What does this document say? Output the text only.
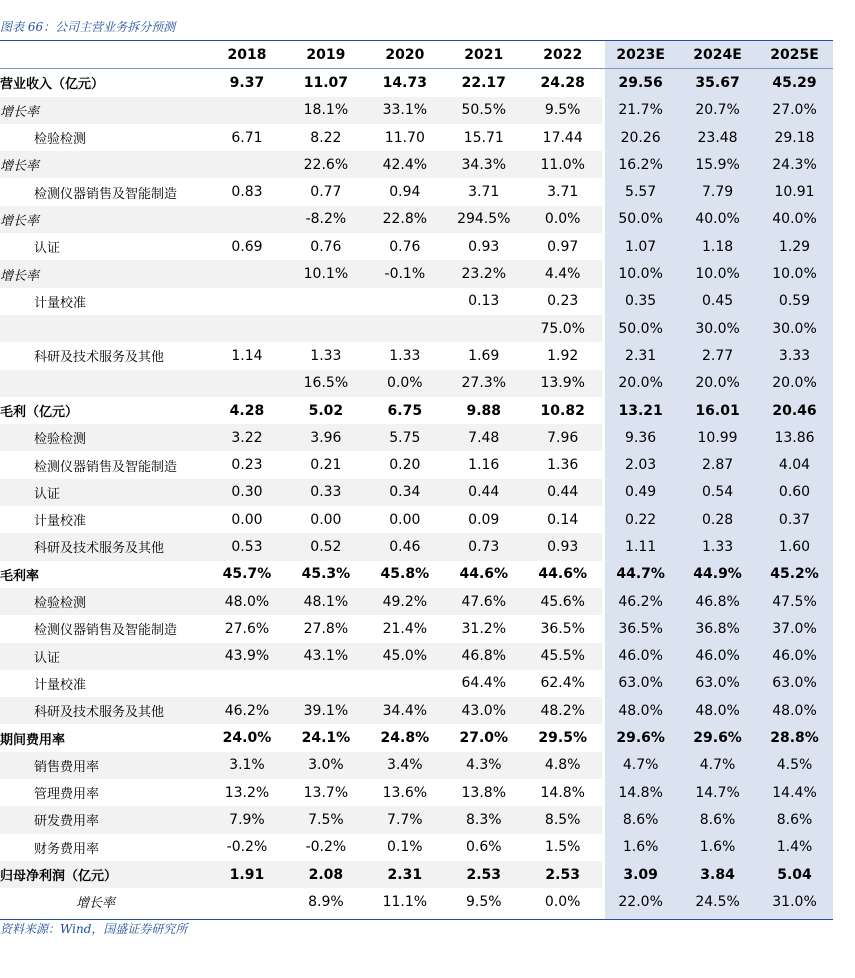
图表 66：公司主营业务拆分预测
	2018	2019	2020	2021	2022	2023E	2024E	2025E
营业收入（亿元）	9.37	11.07	14.73	22.17	24.28	29.56	35.67	45.29
增长率		18.1%	33.1%	50.5%	9.5%	21.7%	20.7%	27.0%
检验检测	6.71	8.22	11.70	15.71	17.44	20.26	23.48	29.18
增长率		22.6%	42.4%	34.3%	11.0%	16.2%	15.9%	24.3%
检测仪器销售及智能制造	0.83	0.77	0.94	3.71	3.71	5.57	7.79	10.91
增长率		-8.2%	22.8%	294.5%	0.0%	50.0%	40.0%	40.0%
认证	0.69	0.76	0.76	0.93	0.97	1.07	1.18	1.29
增长率		10.1%	-0.1%	23.2%	4.4%	10.0%	10.0%	10.0%
计量校准				0.13	0.23	0.35	0.45	0.59
					75.0%	50.0%	30.0%	30.0%
科研及技术服务及其他	1.14	1.33	1.33	1.69	1.92	2.31	2.77	3.33
		16.5%	0.0%	27.3%	13.9%	20.0%	20.0%	20.0%
毛利（亿元）	4.28	5.02	6.75	9.88	10.82	13.21	16.01	20.46
检验检测	3.22	3.96	5.75	7.48	7.96	9.36	10.99	13.86
检测仪器销售及智能制造	0.23	0.21	0.20	1.16	1.36	2.03	2.87	4.04
认证	0.30	0.33	0.34	0.44	0.44	0.49	0.54	0.60
计量校准	0.00	0.00	0.00	0.09	0.14	0.22	0.28	0.37
科研及技术服务及其他	0.53	0.52	0.46	0.73	0.93	1.11	1.33	1.60
毛利率	45.7%	45.3%	45.8%	44.6%	44.6%	44.7%	44.9%	45.2%
检验检测	48.0%	48.1%	49.2%	47.6%	45.6%	46.2%	46.8%	47.5%
检测仪器销售及智能制造	27.6%	27.8%	21.4%	31.2%	36.5%	36.5%	36.8%	37.0%
认证	43.9%	43.1%	45.0%	46.8%	45.5%	46.0%	46.0%	46.0%
计量校准				64.4%	62.4%	63.0%	63.0%	63.0%
科研及技术服务及其他	46.2%	39.1%	34.4%	43.0%	48.2%	48.0%	48.0%	48.0%
期间费用率	24.0%	24.1%	24.8%	27.0%	29.5%	29.6%	29.6%	28.8%
销售费用率	3.1%	3.0%	3.4%	4.3%	4.8%	4.7%	4.7%	4.5%
管理费用率	13.2%	13.7%	13.6%	13.8%	14.8%	14.8%	14.7%	14.4%
研发费用率	7.9%	7.5%	7.7%	8.3%	8.5%	8.6%	8.6%	8.6%
财务费用率	-0.2%	-0.2%	0.1%	0.6%	1.5%	1.6%	1.6%	1.4%
归母净利润（亿元）	1.91	2.08	2.31	2.53	2.53	3.09	3.84	5.04
增长率		8.9%	11.1%	9.5%	0.0%	22.0%	24.5%	31.0%
资料来源：Wind，国盛证券研究所
